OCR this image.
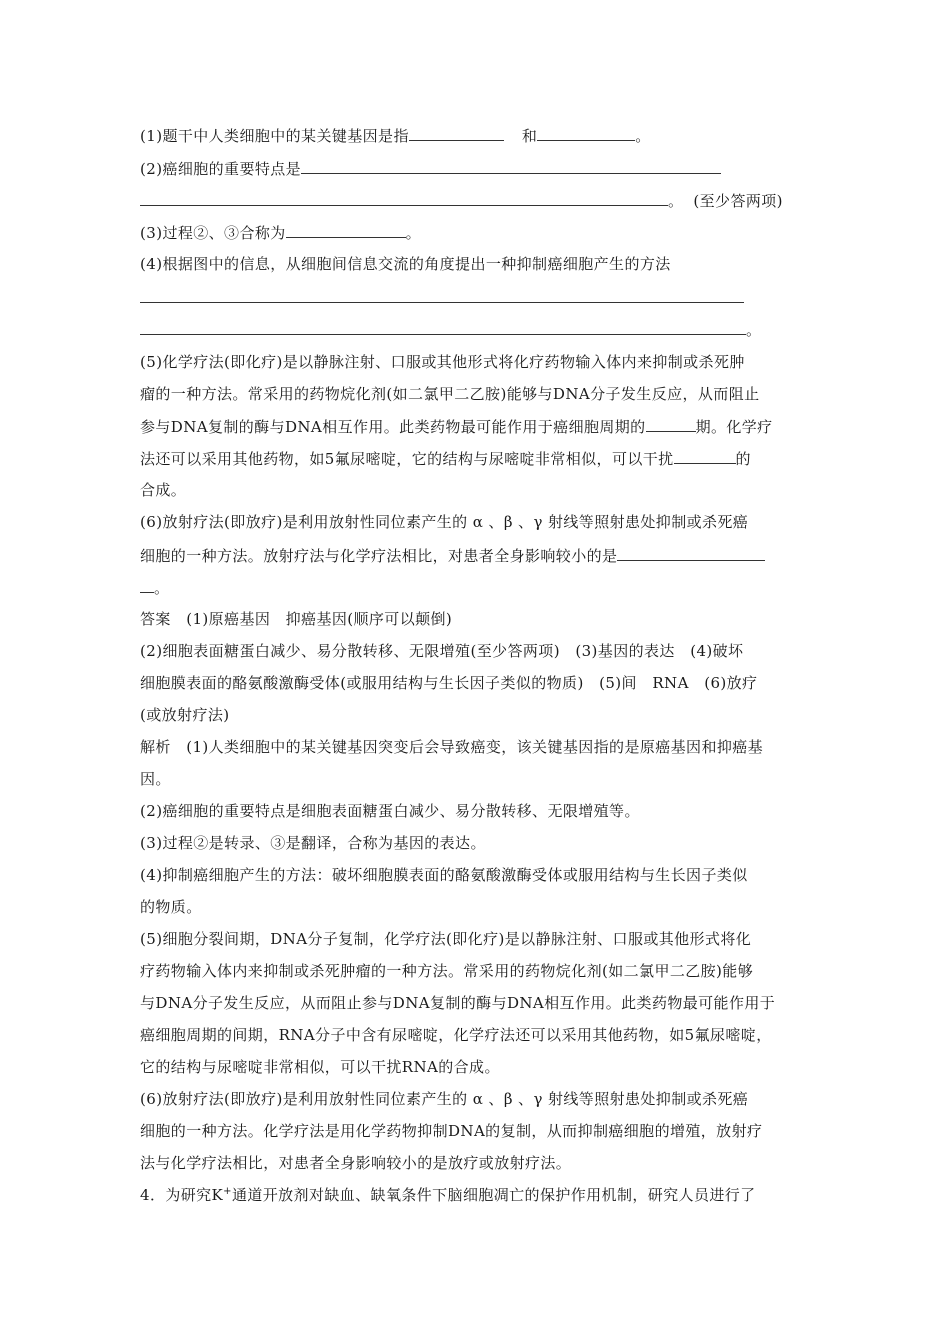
(1)题干中人类细胞中的某关键基因是指	和	。
(2)癌细胞的重要特点是
。 (至少答两项)
(3)过程②、③合称为	。
(4)根据图中的信息，从细胞间信息交流的角度提出一种抑制癌细胞产生的方法
。
(5)化学疗法(即化疗)是以静脉注射、口服或其他形式将化疗药物输入体内来抑制或杀死肿
瘤的一种方法。常采用的药物烷化剂(如二氯甲二乙胺)能够与DNA分子发生反应，从而阻止
参与DNA复制的酶与DNA相互作用。此类药物最可能作用于癌细胞周期的	期。化学疗
法还可以采用其他药物，如5氟尿嘧啶，它的结构与尿嘧啶非常相似，可以干扰	的
合成。
(6)放射疗法(即放疗)是利用放射性同位素产生的 α 、β 、γ 射线等照射患处抑制或杀死癌
细胞的一种方法。放射疗法与化学疗法相比，对患者全身影响较小的是
。
答案　(1)原癌基因　抑癌基因(顺序可以颠倒)
(2)细胞表面糖蛋白减少、易分散转移、无限增殖(至少答两项)　(3)基因的表达　(4)破坏
细胞膜表面的酪氨酸激酶受体(或服用结构与生长因子类似的物质)　(5)间　RNA　(6)放疗
(或放射疗法)
解析　(1)人类细胞中的某关键基因突变后会导致癌变，该关键基因指的是原癌基因和抑癌基
因。
(2)癌细胞的重要特点是细胞表面糖蛋白减少、易分散转移、无限增殖等。
(3)过程②是转录、③是翻译，合称为基因的表达。
(4)抑制癌细胞产生的方法：破坏细胞膜表面的酪氨酸激酶受体或服用结构与生长因子类似
的物质。
(5)细胞分裂间期，DNA分子复制，化学疗法(即化疗)是以静脉注射、口服或其他形式将化
疗药物输入体内来抑制或杀死肿瘤的一种方法。常采用的药物烷化剂(如二氯甲二乙胺)能够
与DNA分子发生反应，从而阻止参与DNA复制的酶与DNA相互作用。此类药物最可能作用于
癌细胞周期的间期，RNA分子中含有尿嘧啶，化学疗法还可以采用其他药物，如5氟尿嘧啶，
它的结构与尿嘧啶非常相似，可以干扰RNA的合成。
(6)放射疗法(即放疗)是利用放射性同位素产生的 α 、β 、γ 射线等照射患处抑制或杀死癌
细胞的一种方法。化学疗法是用化学药物抑制DNA的复制，从而抑制癌细胞的增殖，放射疗
法与化学疗法相比，对患者全身影响较小的是放疗或放射疗法。
4．为研究K+通道开放剂对缺血、缺氧条件下脑细胞凋亡的保护作用机制，研究人员进行了
